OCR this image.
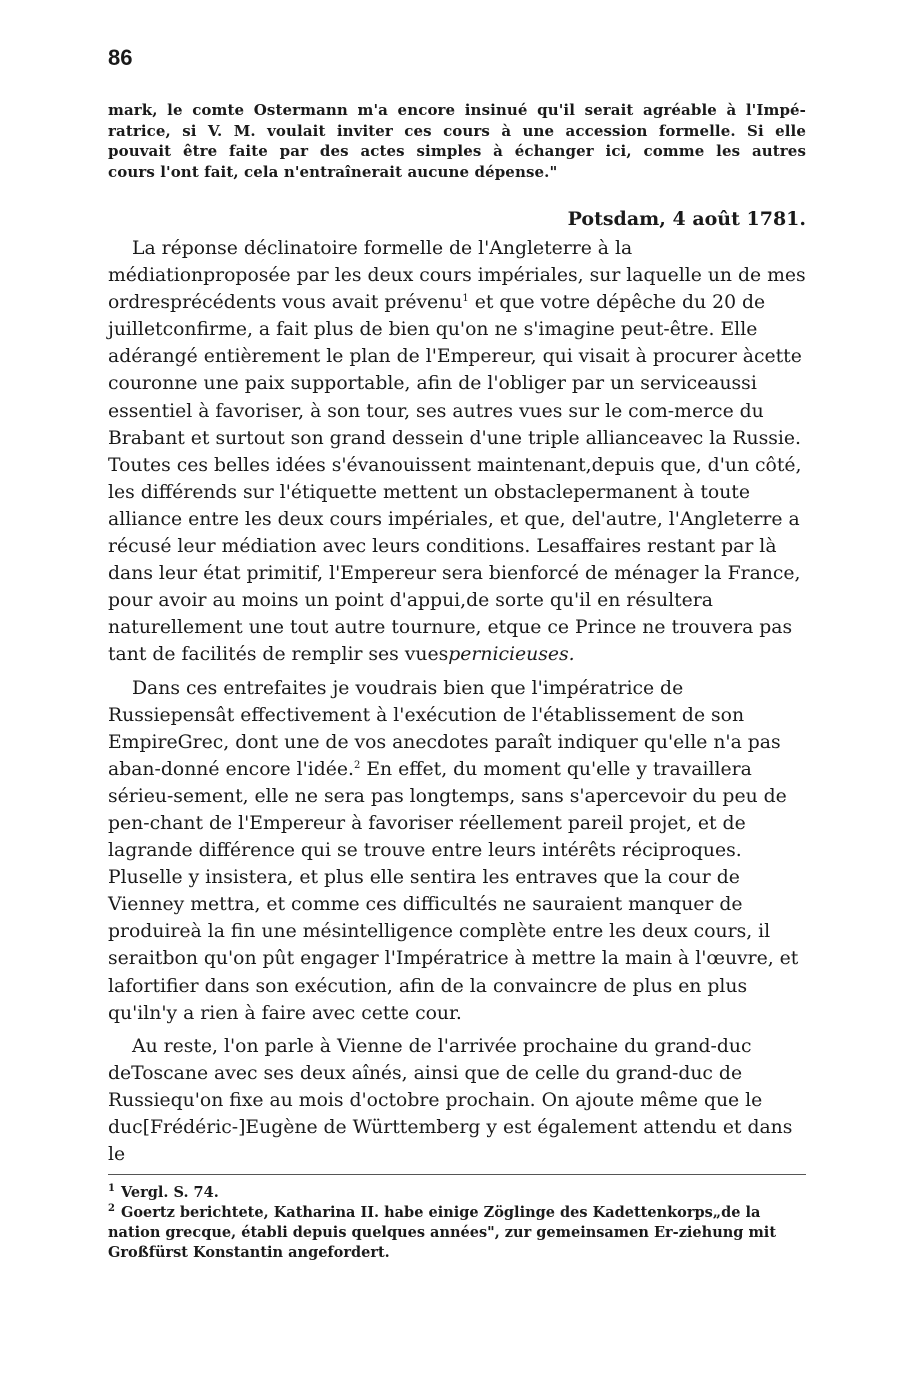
86

mark, le comte Ostermann m'a encore insinué qu'il serait agréable à l'Impé-
ratrice, si V. M. voulait inviter ces cours à une accession formelle. Si elle
pouvait être faite par des actes simples à échanger ici, comme les autres
cours l'ont fait, cela n'entraînerait aucune dépense."

Potsdam, 4 août 1781.

La réponse déclinatoire formelle de l'Angleterre à la médiationproposée par les deux cours impériales, sur laquelle un de mes ordresprécédents vous avait prévenu$^1$ et que votre dépêche du 20 de juilletconfirme, a fait plus de bien qu'on ne s'imagine peut-être. Elle adérangé entièrement le plan de l'Empereur, qui visait à procurer àcette couronne une paix supportable, afin de l'obliger par un serviceaussi essentiel à favoriser, à son tour, ses autres vues sur le com-merce du Brabant et surtout son grand dessein d'une triple allianceavec la Russie. Toutes ces belles idées s'évanouissent maintenant,depuis que, d'un côté, les différends sur l'étiquette mettent un obstaclepermanent à toute alliance entre les deux cours impériales, et que, del'autre, l'Angleterre a récusé leur médiation avec leurs conditions. Lesaffaires restant par là dans leur état primitif, l'Empereur sera bienforcé de ménager la France, pour avoir au moins un point d'appui,de sorte qu'il en résultera naturellement une tout autre tournure, etque ce Prince ne trouvera pas tant de facilités de remplir ses vuespernicieuses.
Dans ces entrefaites je voudrais bien que l'impératrice de Russiepensât effectivement à l'exécution de l'établissement de son EmpireGrec, dont une de vos anecdotes paraît indiquer qu'elle n'a pas aban-donné encore l'idée.$^2$ En effet, du moment qu'elle y travaillera sérieu-sement, elle ne sera pas longtemps, sans s'apercevoir du peu de pen-chant de l'Empereur à favoriser réellement pareil projet, et de lagrande différence qui se trouve entre leurs intérêts réciproques. Pluselle y insistera, et plus elle sentira les entraves que la cour de Vienney mettra, et comme ces difficultés ne sauraient manquer de produireà la fin une mésintelligence complète entre les deux cours, il seraitbon qu'on pût engager l'Impératrice à mettre la main à l'œuvre, et lafortifier dans son exécution, afin de la convaincre de plus en plus qu'iln'y a rien à faire avec cette cour.
Au reste, l'on parle à Vienne de l'arrivée prochaine du grand-duc deToscane avec ses deux aînés, ainsi que de celle du grand-duc de Russiequ'on fixe au mois d'octobre prochain. On ajoute même que le duc[Frédéric-]Eugène de Württemberg y est également attendu et dans le
$^1$ Vergl. S. 74.
$^2$ Goertz berichtete, Katharina II. habe einige Zöglinge des Kadettenkorps„de la nation grecque, établi depuis quelques années", zur gemeinsamen Er-ziehung mit Großfürst Konstantin angefordert.
